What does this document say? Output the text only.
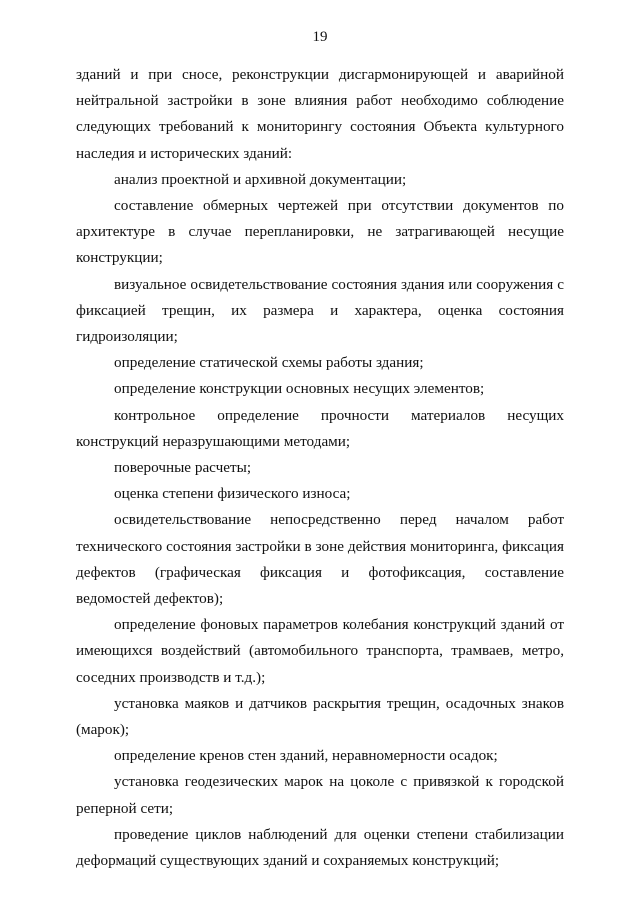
19

зданий и при сносе, реконструкции дисгармонирующей и аварийной нейтральной застройки в зоне влияния работ необходимо соблюдение следующих требований к мониторингу состояния Объекта культурного наследия и исторических зданий:

анализ проектной и архивной документации;

составление обмерных чертежей при отсутствии документов по архитектуре в случае перепланировки, не затрагивающей несущие конструкции;

визуальное освидетельствование состояния здания или сооружения с фиксацией трещин, их размера и характера, оценка состояния гидроизоляции;

определение статической схемы работы здания;

определение конструкции основных несущих элементов;

контрольное определение прочности материалов несущих конструкций неразрушающими методами;

поверочные расчеты;

оценка степени физического износа;

освидетельствование непосредственно перед началом работ технического состояния застройки в зоне действия мониторинга, фиксация дефектов (графическая фиксация и фотофиксация, составление ведомостей дефектов);

определение фоновых параметров колебания конструкций зданий от имеющихся воздействий (автомобильного транспорта, трамваев, метро, соседних производств и т.д.);

установка маяков и датчиков раскрытия трещин, осадочных знаков (марок);

определение кренов стен зданий, неравномерности осадок;

установка геодезических марок на цоколе с привязкой к городской реперной сети;

проведение циклов наблюдений для оценки степени стабилизации деформаций существующих зданий и сохраняемых конструкций;
